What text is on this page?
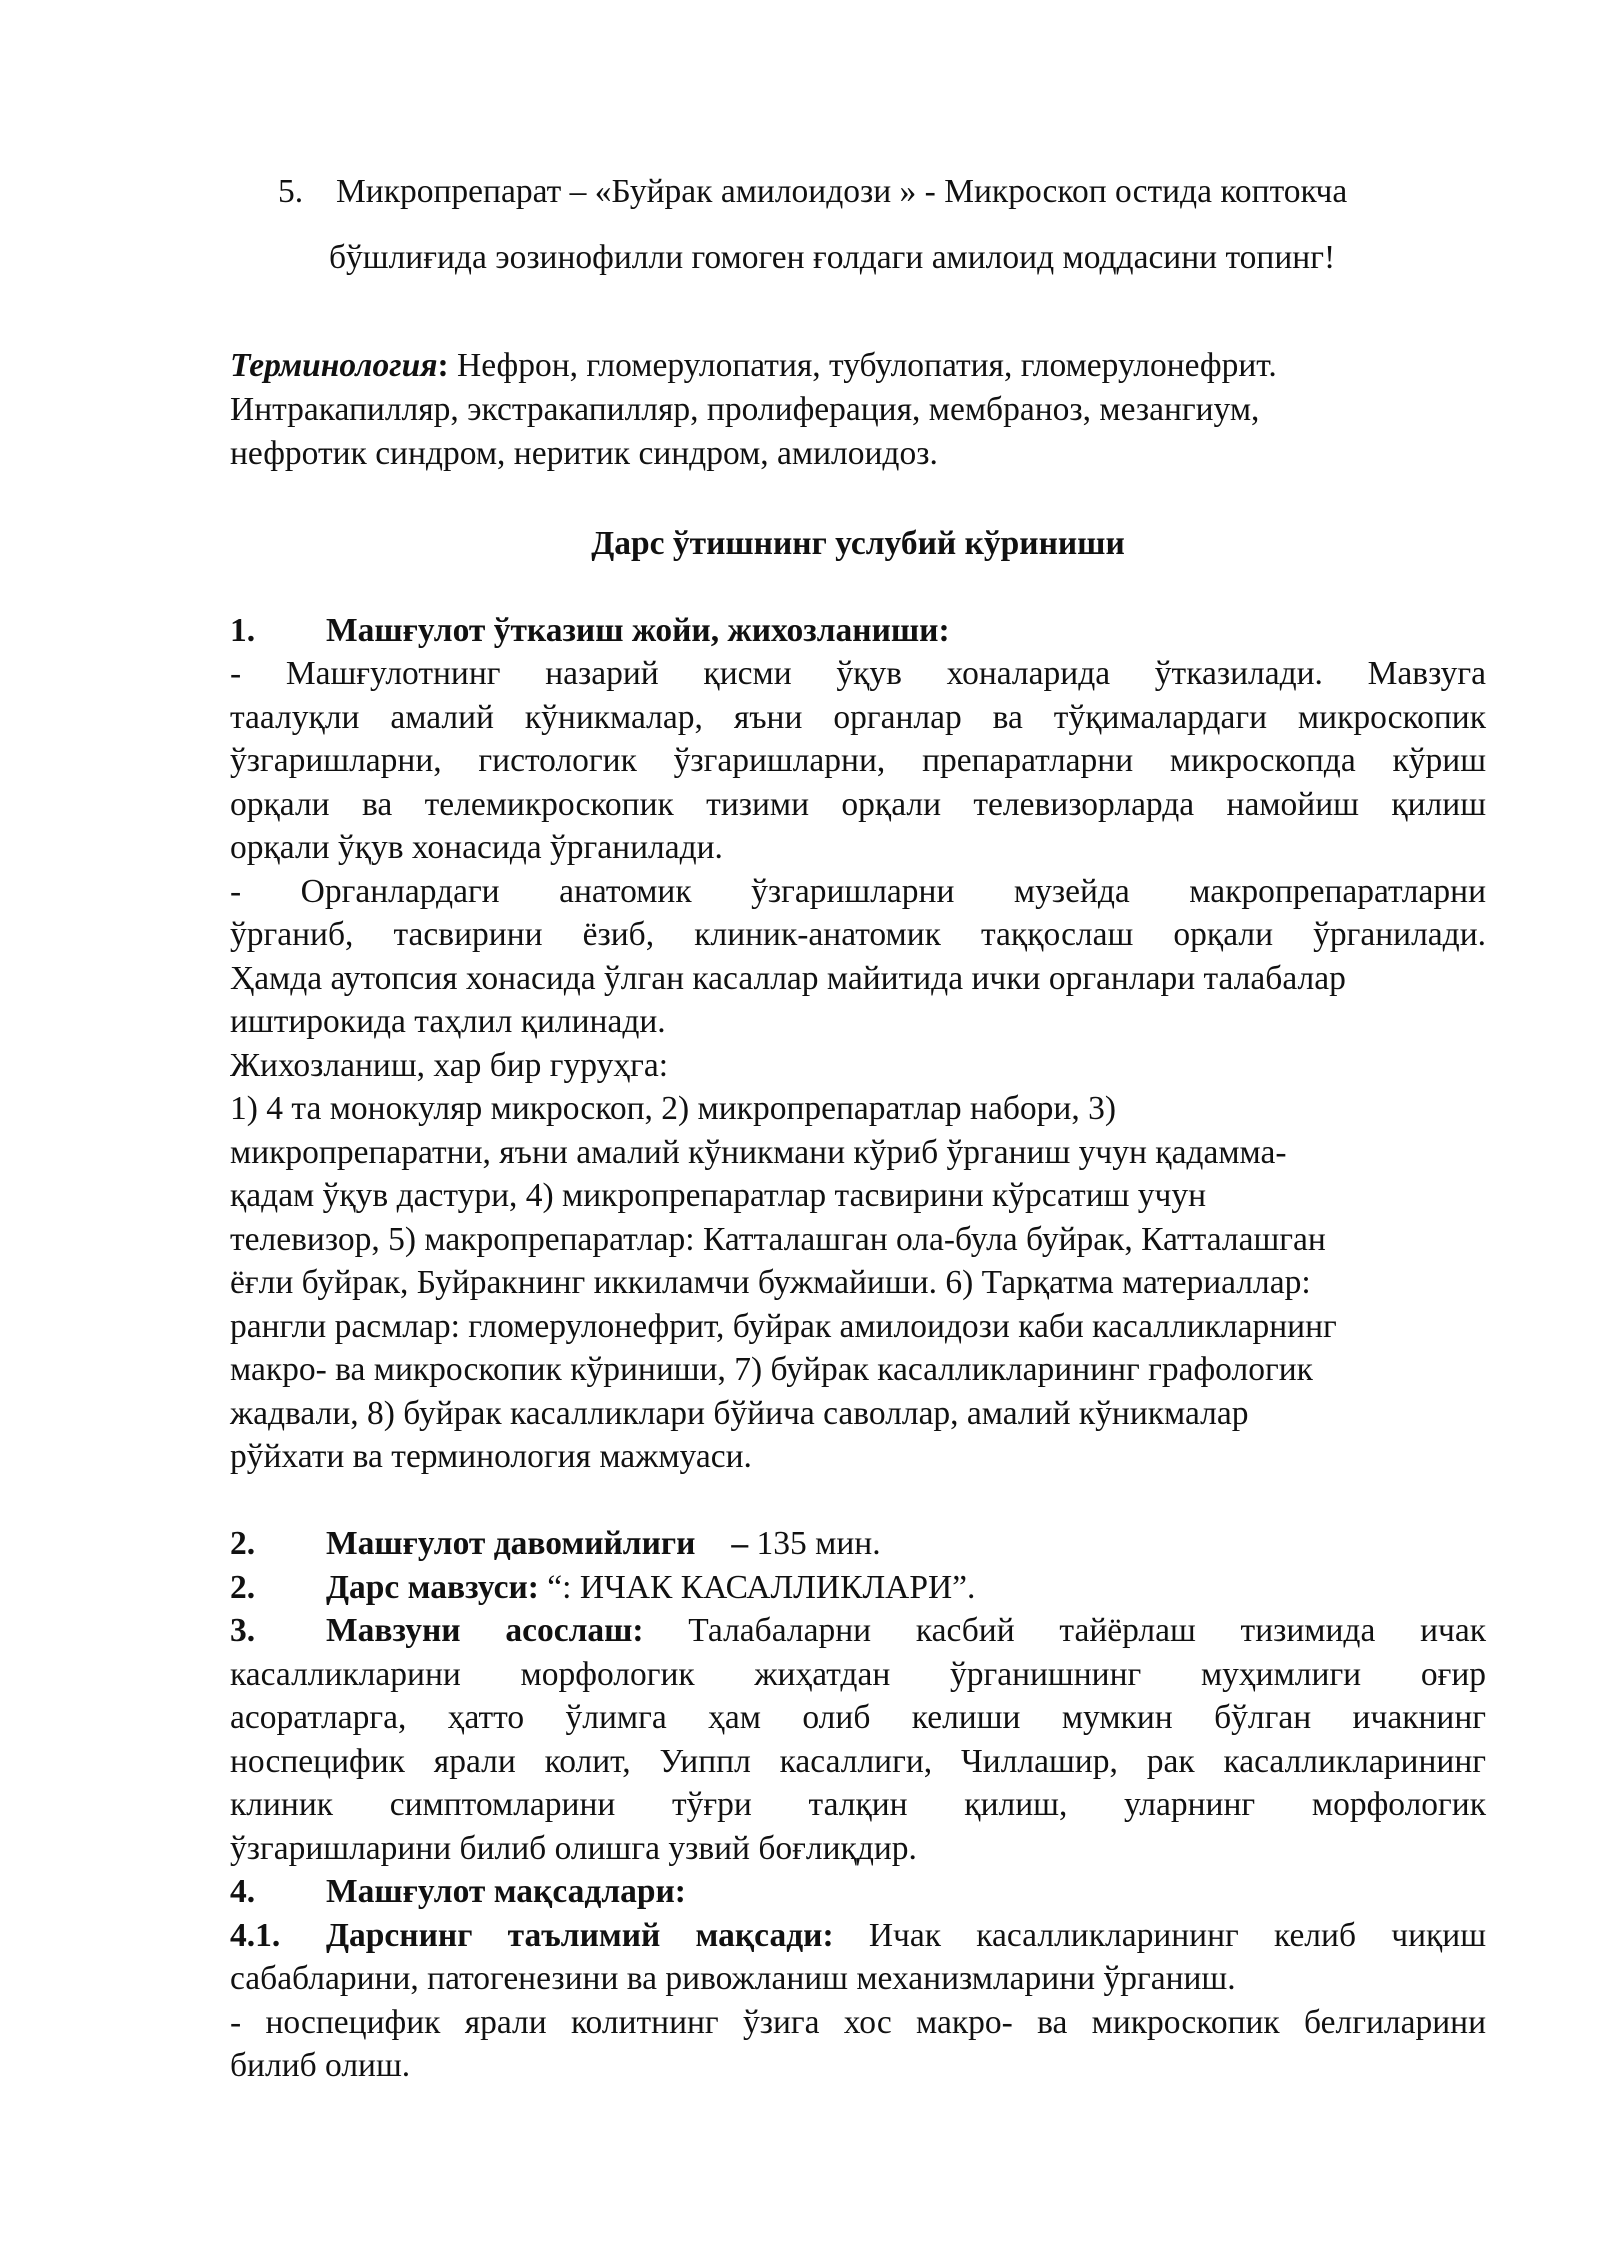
5. Микропрепарат – «Буйрак амилоидози » - Микроскоп остида коптокча
бўшлиғида эозинофилли гомоген ғолдаги амилоид моддасини топинг!
Терминология: Нефрон, гломерулопатия, тубулопатия, гломерулонефрит.
Интракапилляр, экстракапилляр, пролиферация, мембраноз, мезангиум,
нефротик синдром, неритик синдром, амилоидоз.
Дарс ўтишнинг услубий кўриниши
1. Машғулот ўтказиш жойи, жихозланиши:
- Машғулотнинг назарий қисми ўқув хоналарида ўтказилади. Мавзуга
таалуқли амалий кўникмалар, яъни органлар ва тўқималардаги микроскопик
ўзгаришларни, гистологик ўзгаришларни, препаратларни микроскопда кўриш
орқали ва телемикроскопик тизими орқали телевизорларда намойиш қилиш
орқали ўқув хонасида ўрганилади.
- Органлардаги анатомик ўзгаришларни музейда макропрепаратларни
ўрганиб, тасвирини ёзиб, клиник-анатомик таққослаш орқали ўрганилади.
Ҳамда аутопсия хонасида ўлган касаллар майитида ички органлари талабалар
иштирокида таҳлил қилинади.
Жихозланиш, хар бир гуруҳга:
1) 4 та монокуляр микроскоп, 2) микропрепаратлар набори, 3)
микропрепаратни, яъни амалий кўникмани кўриб ўрганиш учун қадамма-
қадам ўқув дастури, 4) микропрепаратлар тасвирини кўрсатиш учун
телевизор, 5) макропрепаратлар: Катталашган ола-була буйрак, Катталашган
ёғли буйрак, Буйракнинг иккиламчи бужмайиши. 6) Тарқатма материаллар:
рангли расмлар: гломерулонефрит, буйрак амилоидози каби касалликларнинг
макро- ва микроскопик кўриниши, 7) буйрак касалликларининг графологик
жадвали, 8) буйрак касалликлари бўйича саволлар, амалий кўникмалар
рўйхати ва терминология мажмуаси.
2. Машғулот давомийлиги – 135 мин.
2. Дарс мавзуси: “: ИЧАК КАСАЛЛИКЛАРИ”.
3. Мавзуни асослаш: Талабаларни касбий тайёрлаш тизимида ичак
касалликларини морфологик жиҳатдан ўрганишнинг муҳимлиги оғир
асоратларга, ҳатто ўлимга ҳам олиб келиши мумкин бўлган ичакнинг
носпецифик ярали колит, Уиппл касаллиги, Чиллашир, рак касалликларининг
клиник симптомларини тўғри талқин қилиш, уларнинг морфологик
ўзгаришларини билиб олишга узвий боғлиқдир.
4. Машғулот мақсадлари:
4.1. Дарснинг таълимий мақсади: Ичак касалликларининг келиб чиқиш
сабабларини, патогенезини ва ривожланиш механизмларини ўрганиш.
- носпецифик ярали колитнинг ўзига хос макро- ва микроскопик белгиларини
билиб олиш.
